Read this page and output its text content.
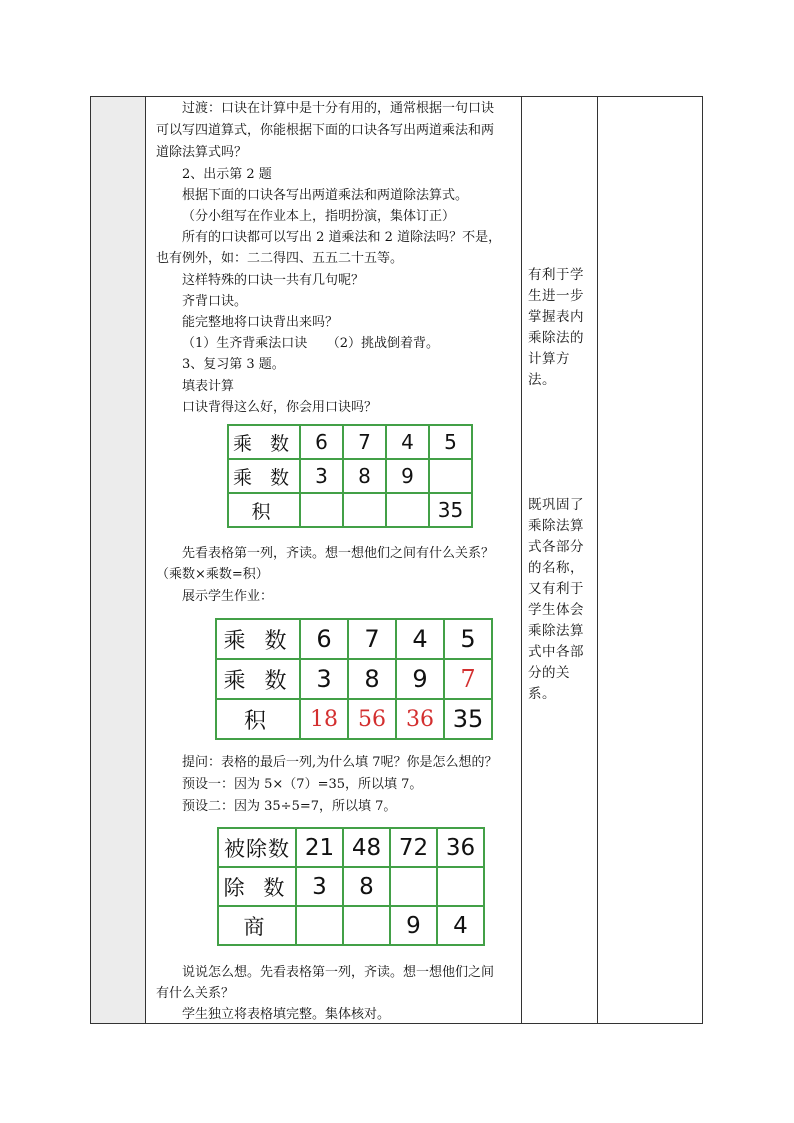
过渡：口诀在计算中是十分有用的，通常根据一句口诀
可以写四道算式，你能根据下面的口诀各写出两道乘法和两
道除法算式吗？
2、出示第 2 题
根据下面的口诀各写出两道乘法和两道除法算式。
（分小组写在作业本上，指明扮演，集体订正）
所有的口诀都可以写出 2 道乘法和 2 道除法吗？不是，
也有例外，如：二二得四、五五二十五等。
这样特殊的口诀一共有几句呢？
齐背口诀。
能完整地将口诀背出来吗？
（1）生齐背乘法口诀　　（2）挑战倒着背。
3、复习第 3 题。
填表计算
口诀背得这么好，你会用口诀吗？
乘 数	6	7	4	5
乘 数	3	8	9	
积				35
先看表格第一列，齐读。想一想他们之间有什么关系？
（乘数×乘数=积）
展示学生作业：
乘 数	6	7	4	5
乘 数	3	8	9	7
积	18	56	36	35
提问：表格的最后一列,为什么填 7呢？你是怎么想的？
预设一：因为 5×（7）=35，所以填 7。
预设二：因为 35÷5=7，所以填 7。
被除数	21	48	72	36
除 数	3	8		
商			9	4
说说怎么想。先看表格第一列，齐读。想一想他们之间
有什么关系？
学生独立将表格填完整。集体核对。
有利于学生进一步掌握表内乘除法的计算方法。
既巩固了乘除法算式各部分的名称，又有利于学生体会乘除法算式中各部分的关系。
